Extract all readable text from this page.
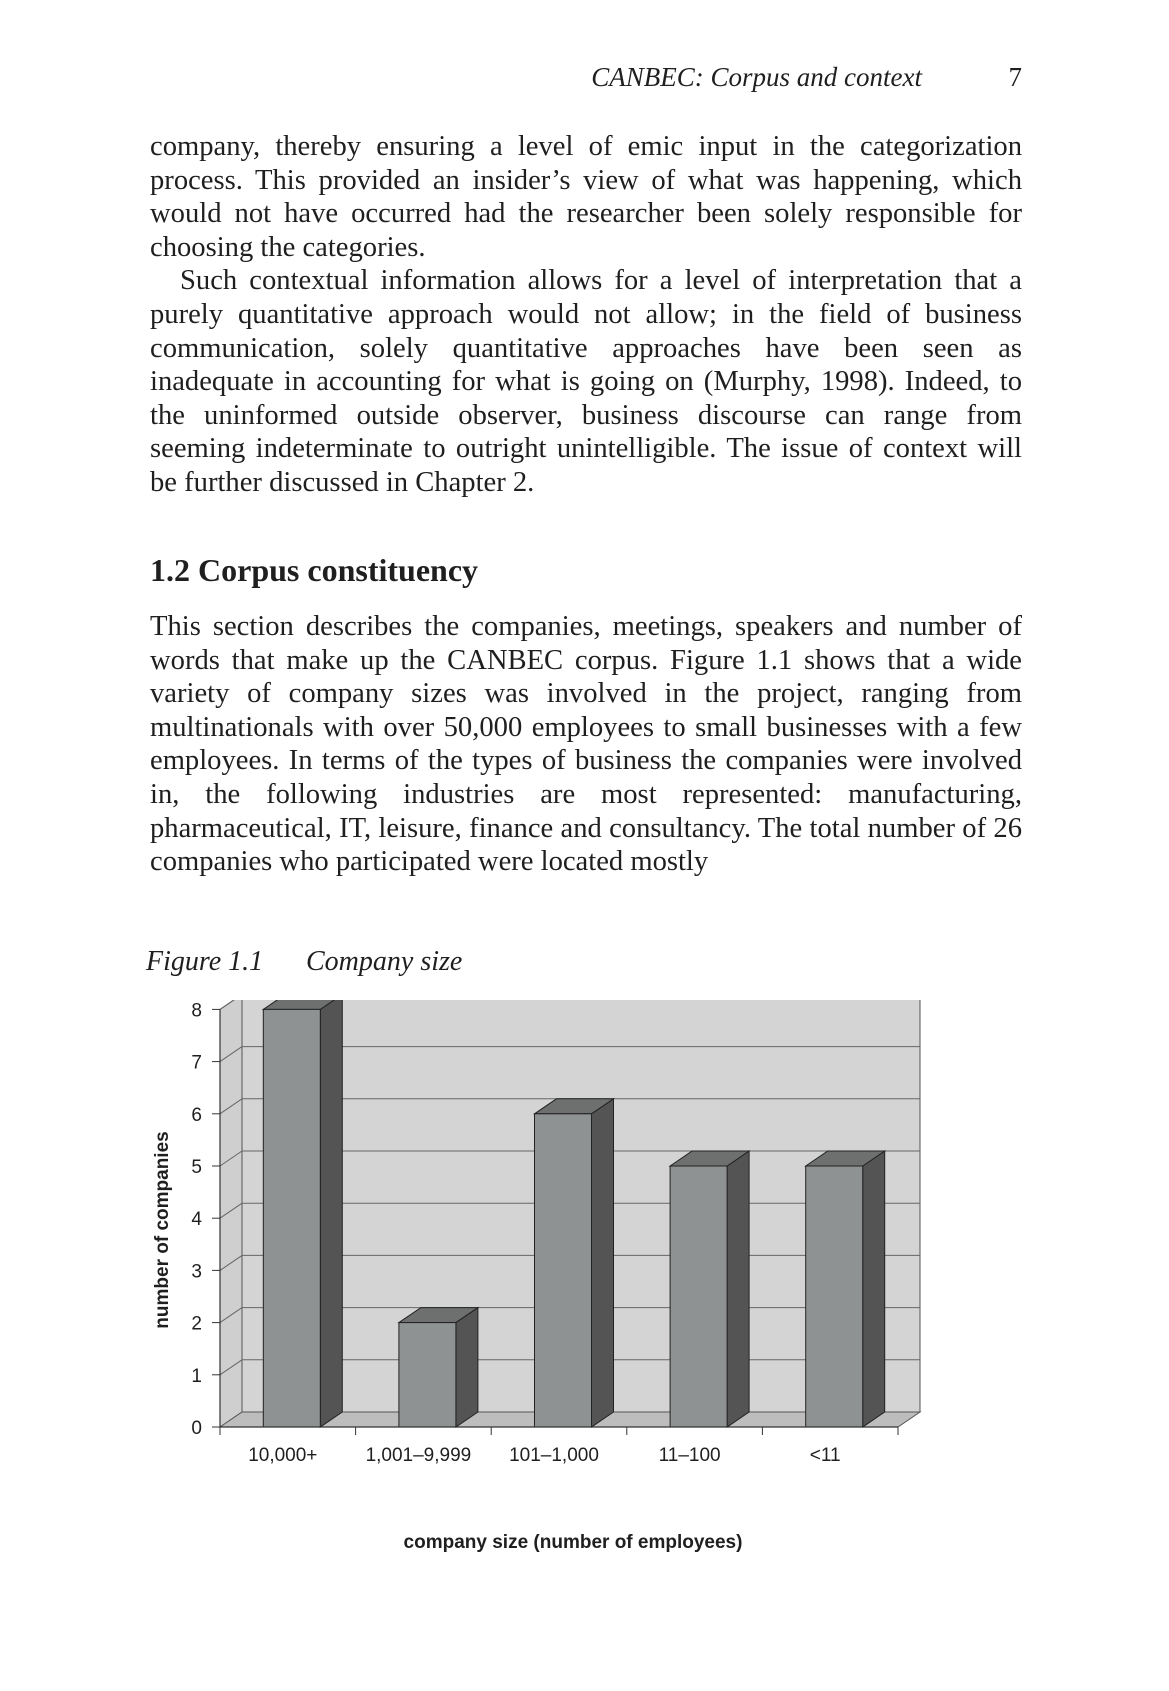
CANBEC: Corpus and context	7

company, thereby ensuring a level of emic input in the categorization process. This provided an insider’s view of what was happening, which would not have occurred had the researcher been solely responsible for choosing the categories.

Such contextual information allows for a level of interpretation that a purely quantitative approach would not allow; in the field of business communication, solely quantitative approaches have been seen as inadequate in accounting for what is going on (Murphy, 1998). Indeed, to the uninformed outside observer, business discourse can range from seeming indeterminate to outright unintelligible. The issue of context will be further discussed in Chapter 2.

1.2 Corpus constituency

This section describes the companies, meetings, speakers and number of words that make up the CANBEC corpus. Figure 1.1 shows that a wide variety of company sizes was involved in the project, ranging from multinationals with over 50,000 employees to small businesses with a few employees. In terms of the types of business the companies were involved in, the following industries are most represented: manufacturing, pharmaceutical, IT, leisure, finance and consultancy. The total number of 26 companies who participated were located mostly

Figure 1.1 Company size
0
1
2
3
4
5
6
7
8
10,000+	1,001–9,999 101–1,000	11–100	<11
number of companies
company size (number of employees)
